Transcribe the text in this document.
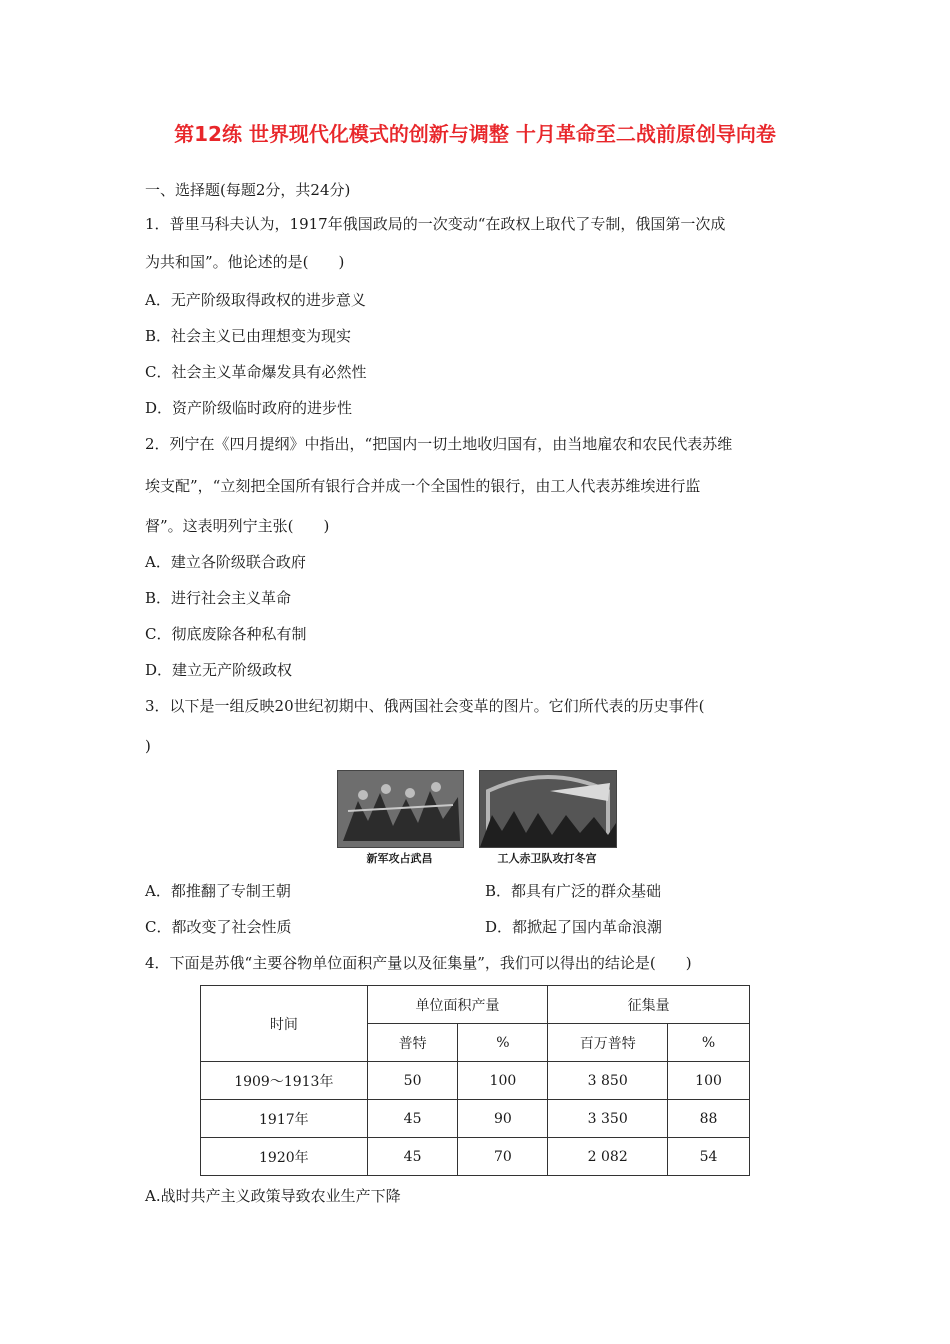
第12练 世界现代化模式的创新与调整 十月革命至二战前原创导向卷
一、选择题(每题2分，共24分)
1．普里马科夫认为，1917年俄国政局的一次变动“在政权上取代了专制，俄国第一次成
为共和国”。他论述的是(　　)
A．无产阶级取得政权的进步意义
B．社会主义已由理想变为现实
C．社会主义革命爆发具有必然性
D．资产阶级临时政府的进步性
2．列宁在《四月提纲》中指出，“把国内一切土地收归国有，由当地雇农和农民代表苏维
埃支配”，“立刻把全国所有银行合并成一个全国性的银行，由工人代表苏维埃进行监
督”。这表明列宁主张(　　)
A．建立各阶级联合政府
B．进行社会主义革命
C．彻底废除各种私有制
D．建立无产阶级政权
3．以下是一组反映20世纪初期中、俄两国社会变革的图片。它们所代表的历史事件(
)
新军攻占武昌	工人赤卫队攻打冬宫
A．都推翻了专制王朝	B．都具有广泛的群众基础
C．都改变了社会性质	D．都掀起了国内革命浪潮
4．下面是苏俄“主要谷物单位面积产量以及征集量”，我们可以得出的结论是(　　)
时间	单位面积产量		征集量	
	普特	%	百万普特	%
1909～1913年	50	100	3 850	100
1917年	45	90	3 350	88
1920年	45	70	2 082	54
A.战时共产主义政策导致农业生产下降
